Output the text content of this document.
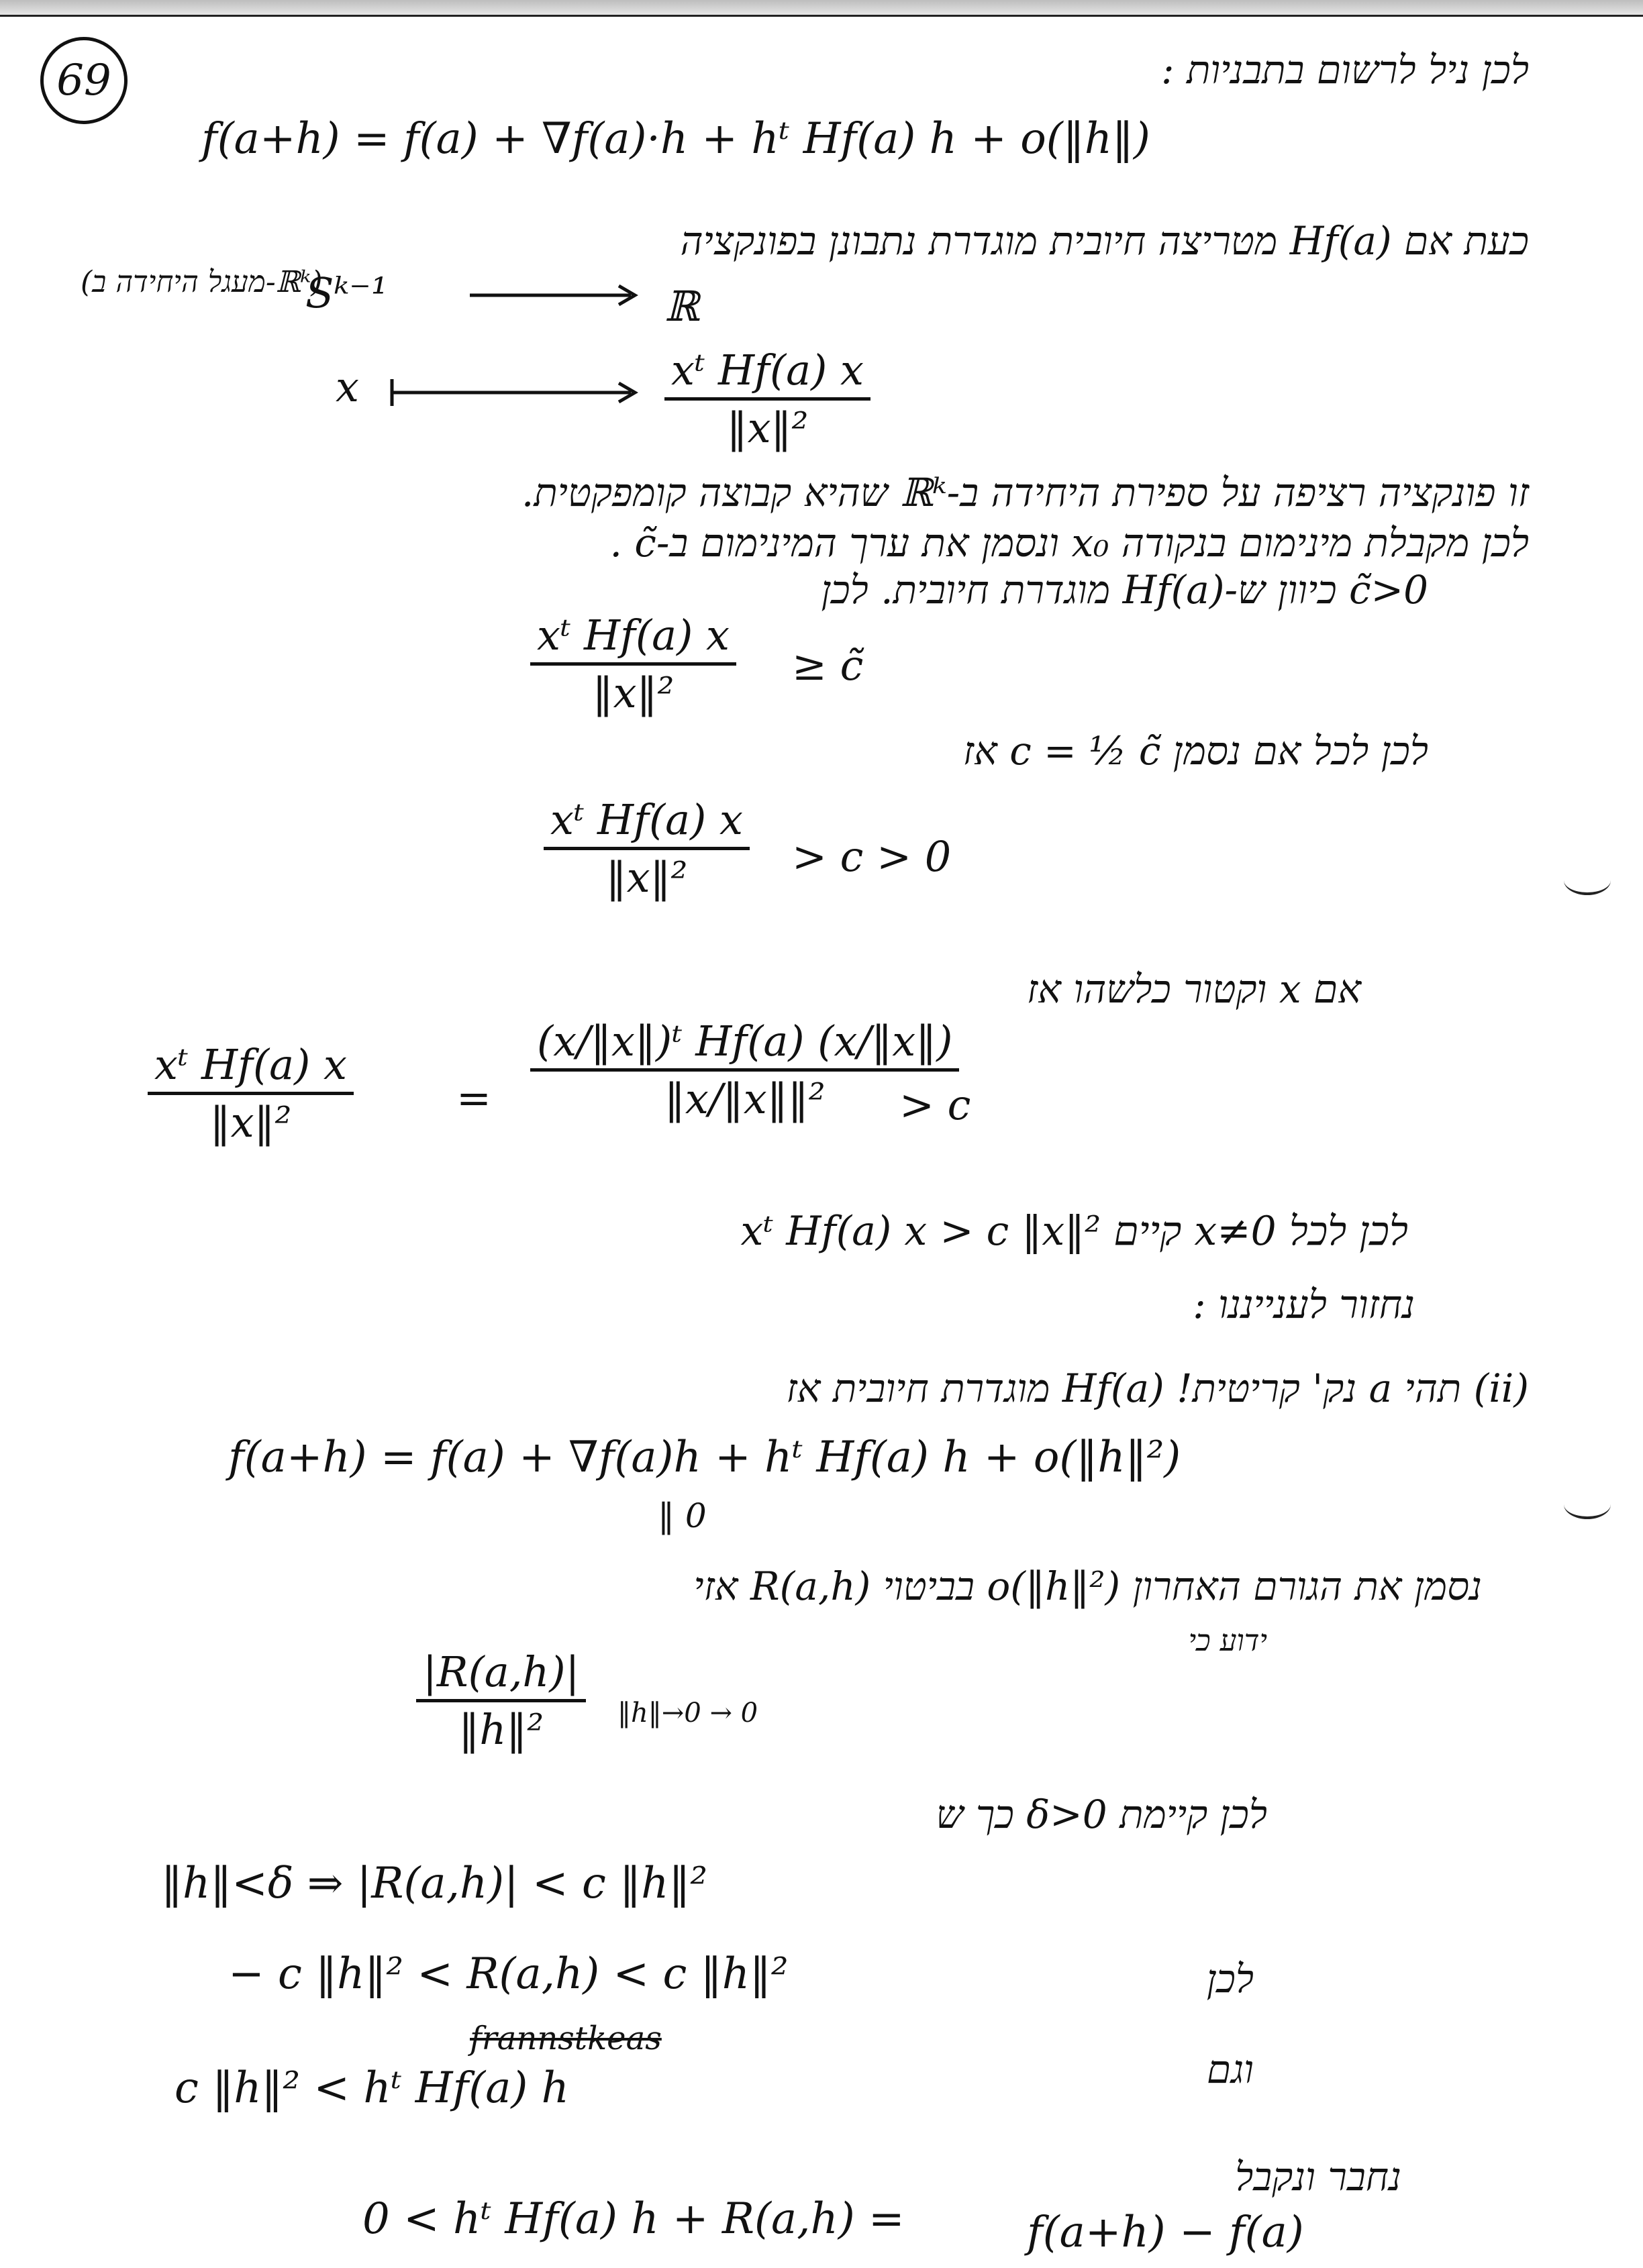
69	לכן ניל לרשום בתבניות :
f(a+h) = f(a) + ∇f(a)·h + hᵗ Hf(a) h + o(‖h‖)
כעת אם Hf(a) מטריצה חיובית מוגדרת נתבונן בפונקציה
(מעגל היחידה ב-ℝᵏ)
Sᵏ⁻¹	ℝ
x	xᵗ Hf(a) x
‖x‖²
זו פונקציה רציפה על ספירת היחידה ב-ℝᵏ שהיא קבוצה קומפקטית.
לכן מקבלת מינימום בנקודה x₀ ונסמן את ערך המינימום ב-c̃ .
c̃>0 כיוון ש-Hf(a) מוגדרת חיובית. לכן
xᵗ Hf(a) x
‖x‖²
≥ c̃
לכן לכל אם נסמן c = ½ c̃ אז
xᵗ Hf(a) x
‖x‖²	> c > 0
אם x וקטור כלשהו אז
xᵗ Hf(a) x
‖x‖²	=
(x/‖x‖)ᵗ Hf(a) (x/‖x‖)
‖x/‖x‖‖² > c
לכן לכל x≠0 קיים xᵗ Hf(a) x > c ‖x‖²
נחזור לענייננו :
(ii) תהי a נק' קריטית! Hf(a) מוגדרת חיובית אז
f(a+h) = f(a) + ∇f(a)h + hᵗ Hf(a) h + o(‖h‖²)
‖ 0
נסמן את הגורם האחרון o(‖h‖²) בביטוי R(a,h) אזי
ידוע כי
|R(a,h)|
‖h‖²	‖h‖→0 → 0
לכן קיימת δ>0 כך ש
‖h‖<δ ⇒ |R(a,h)| < c ‖h‖²
− c ‖h‖² < R(a,h) < c ‖h‖²	לכן
frannstkeas
וגם
c ‖h‖² < hᵗ Hf(a) h
נחבר ונקבל
0 < hᵗ Hf(a) h + R(a,h) =	f(a+h) − f(a)
